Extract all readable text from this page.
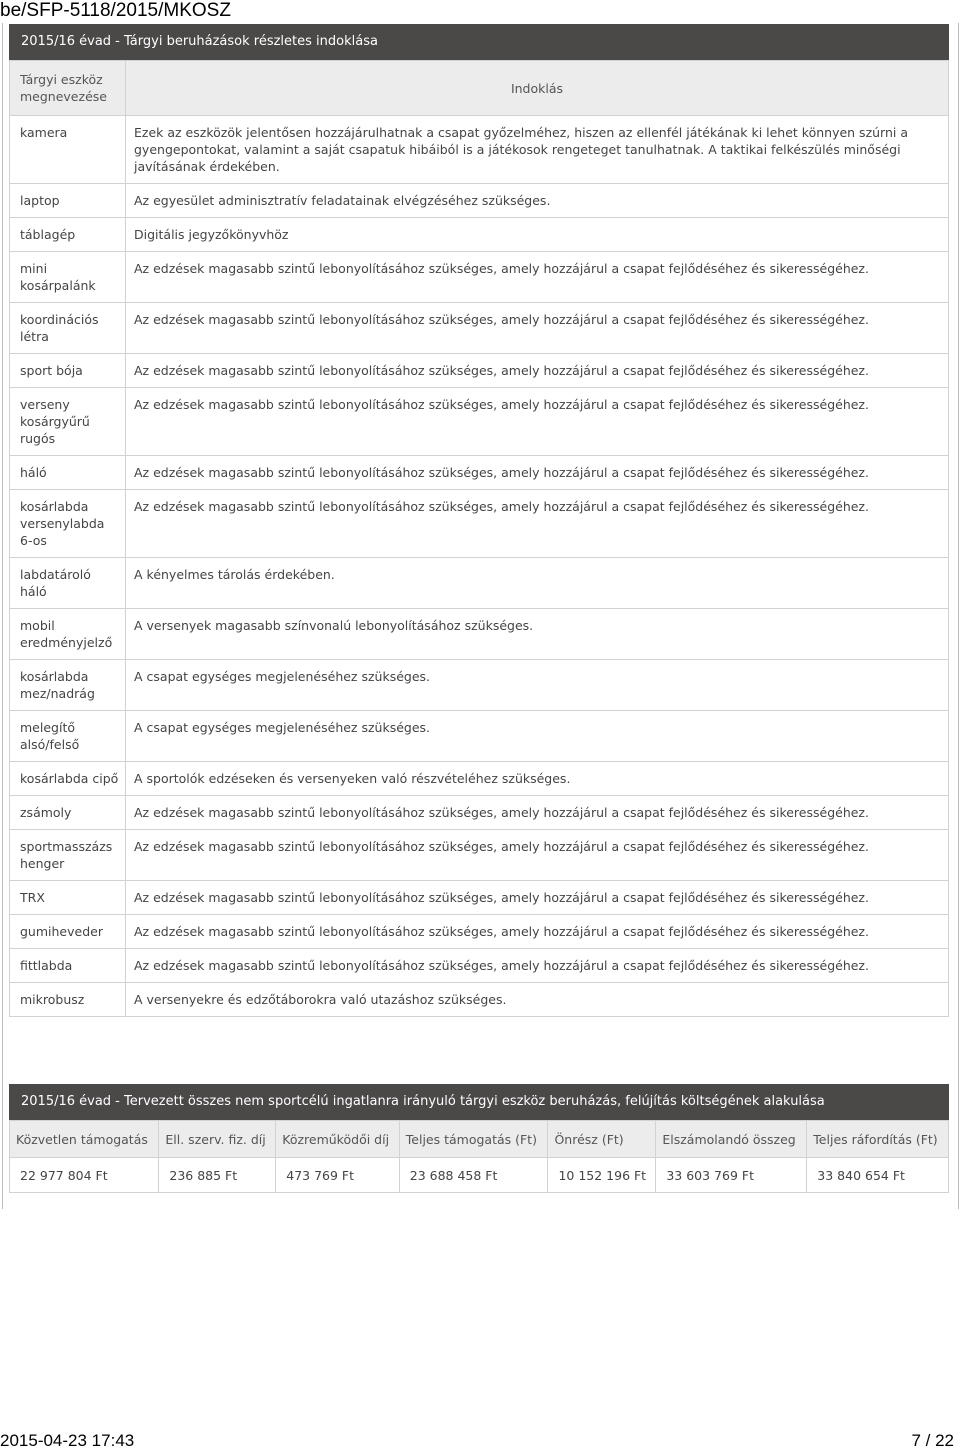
be/SFP-5118/2015/MKOSZ
2015/16 évad - Tárgyi beruházások részletes indoklása
Tárgyi eszköz megnevezése	Indoklás
kamera	Ezek az eszközök jelentősen hozzájárulhatnak a csapat győzelméhez, hiszen az ellenfél játékának ki lehet könnyen szúrni a gyengepontokat, valamint a saját csapatuk hibáiból is a játékosok rengeteget tanulhatnak. A taktikai felkészülés minőségi javításának érdekében.
laptop	Az egyesület adminisztratív feladatainak elvégzéséhez szükséges.
táblagép	Digitális jegyzőkönyvhöz
mini kosárpalánk	Az edzések magasabb szintű lebonyolításához szükséges, amely hozzájárul a csapat fejlődéséhez és sikerességéhez.
koordinációs létra	Az edzések magasabb szintű lebonyolításához szükséges, amely hozzájárul a csapat fejlődéséhez és sikerességéhez.
sport bója	Az edzések magasabb szintű lebonyolításához szükséges, amely hozzájárul a csapat fejlődéséhez és sikerességéhez.
verseny kosárgyűrű rugós	Az edzések magasabb szintű lebonyolításához szükséges, amely hozzájárul a csapat fejlődéséhez és sikerességéhez.
háló	Az edzések magasabb szintű lebonyolításához szükséges, amely hozzájárul a csapat fejlődéséhez és sikerességéhez.
kosárlabda versenylabda 6-os	Az edzések magasabb szintű lebonyolításához szükséges, amely hozzájárul a csapat fejlődéséhez és sikerességéhez.
labdatároló háló	A kényelmes tárolás érdekében.
mobil eredményjelző	A versenyek magasabb színvonalú lebonyolításához szükséges.
kosárlabda mez/nadrág	A csapat egységes megjelenéséhez szükséges.
melegítő alsó/felső	A csapat egységes megjelenéséhez szükséges.
kosárlabda cipő	A sportolók edzéseken és versenyeken való részvételéhez szükséges.
zsámoly	Az edzések magasabb szintű lebonyolításához szükséges, amely hozzájárul a csapat fejlődéséhez és sikerességéhez.
sportmasszázs henger	Az edzések magasabb szintű lebonyolításához szükséges, amely hozzájárul a csapat fejlődéséhez és sikerességéhez.
TRX	Az edzések magasabb szintű lebonyolításához szükséges, amely hozzájárul a csapat fejlődéséhez és sikerességéhez.
gumiheveder	Az edzések magasabb szintű lebonyolításához szükséges, amely hozzájárul a csapat fejlődéséhez és sikerességéhez.
fittlabda	Az edzések magasabb szintű lebonyolításához szükséges, amely hozzájárul a csapat fejlődéséhez és sikerességéhez.
mikrobusz	A versenyekre és edzőtáborokra való utazáshoz szükséges.
2015/16 évad - Tervezett összes nem sportcélú ingatlanra irányuló tárgyi eszköz beruházás, felújítás költségének alakulása
Közvetlen támogatás	Ell. szerv. fiz. díj	Közreműködői díj	Teljes támogatás (Ft)	Önrész (Ft)	Elszámolandó összeg	Teljes ráfordítás (Ft)
22 977 804 Ft	236 885 Ft	473 769 Ft	23 688 458 Ft	10 152 196 Ft	33 603 769 Ft	33 840 654 Ft
2015-04-23 17:43	7 / 22
